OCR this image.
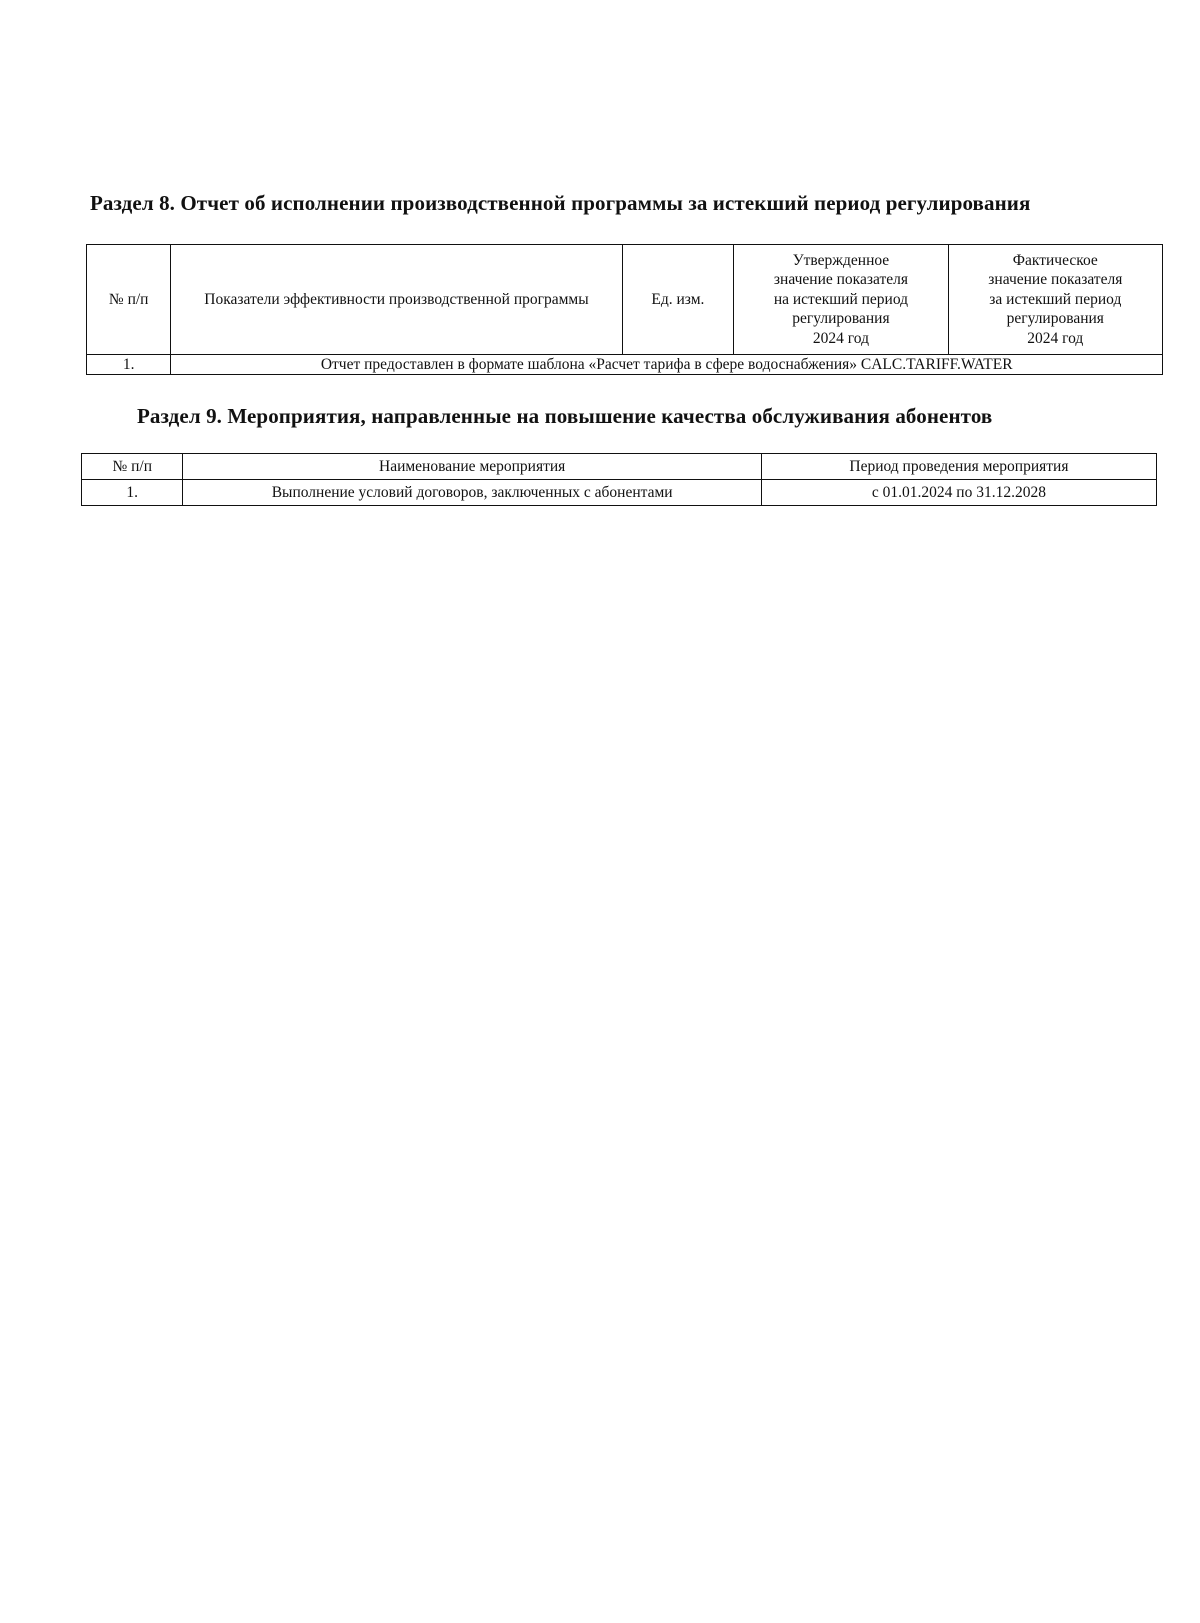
Раздел 8. Отчет об исполнении производственной программы за истекший период регулирования
№ п/п	Показатели эффективности производственной программы	Ед. изм.	Утвержденное
значение показателя
на истекший период
регулирования
2024 год	Фактическое
значение показателя
за истекший период
регулирования
2024 год

1.	Отчет предоставлен в формате шаблона «Расчет тарифа в сфере водоснабжения» CALC.TARIFF.WATER			
Раздел 9. Мероприятия, направленные на повышение качества обслуживания абонентов
№ п/п	Наименование мероприятия	Период проведения мероприятия
1.	Выполнение условий договоров, заключенных с абонентами	с 01.01.2024 по 31.12.2028
